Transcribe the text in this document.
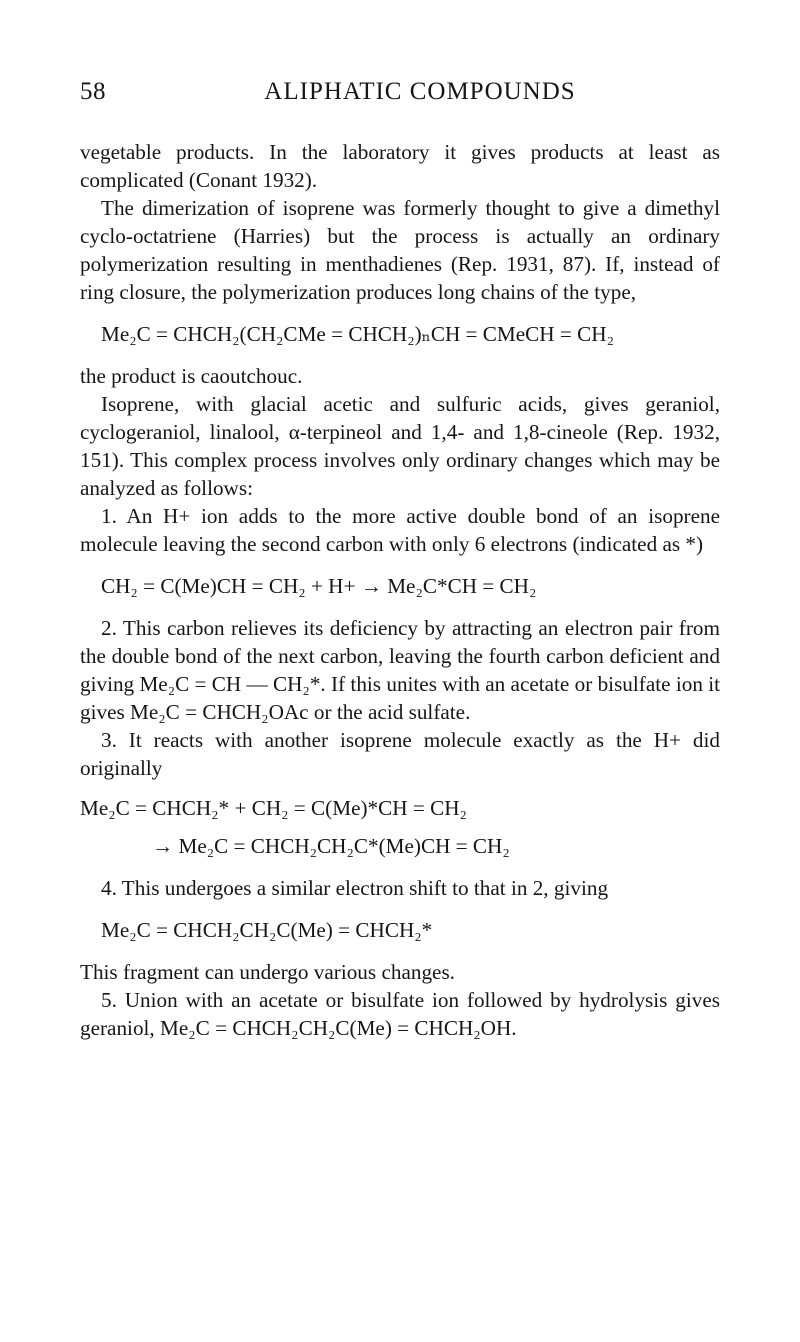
58	ALIPHATIC COMPOUNDS

vegetable products. In the laboratory it gives products at least as complicated (Conant 1932).

The dimerization of isoprene was formerly thought to give a dimethyl cyclo-octatriene (Harries) but the process is actually an ordinary polymerization resulting in menthadienes (Rep. 1931, 87). If, instead of ring closure, the polymerization produces long chains of the type,

Me₂C = CHCH₂(CH₂CMe = CHCH₂)ₙCH = CMeCH = CH₂

the product is caoutchouc.

Isoprene, with glacial acetic and sulfuric acids, gives geraniol, cyclogeraniol, linalool, α-terpineol and 1,4- and 1,8-cineole (Rep. 1932, 151). This complex process involves only ordinary changes which may be analyzed as follows:

1. An H+ ion adds to the more active double bond of an isoprene molecule leaving the second carbon with only 6 electrons (indicated as *)

CH₂ = C(Me)CH = CH₂ + H+ → Me₂C*CH = CH₂

2. This carbon relieves its deficiency by attracting an electron pair from the double bond of the next carbon, leaving the fourth carbon deficient and giving Me₂C = CH — CH₂*. If this unites with an acetate or bisulfate ion it gives Me₂C = CHCH₂OAc or the acid sulfate.

3. It reacts with another isoprene molecule exactly as the H+ did originally

Me₂C = CHCH₂* + CH₂ = C(Me)*CH = CH₂
→ Me₂C = CHCH₂CH₂C*(Me)CH = CH₂

4. This undergoes a similar electron shift to that in 2, giving

Me₂C = CHCH₂CH₂C(Me) = CHCH₂*

This fragment can undergo various changes.

5. Union with an acetate or bisulfate ion followed by hydrolysis gives geraniol, Me₂C = CHCH₂CH₂C(Me) = CHCH₂OH.
